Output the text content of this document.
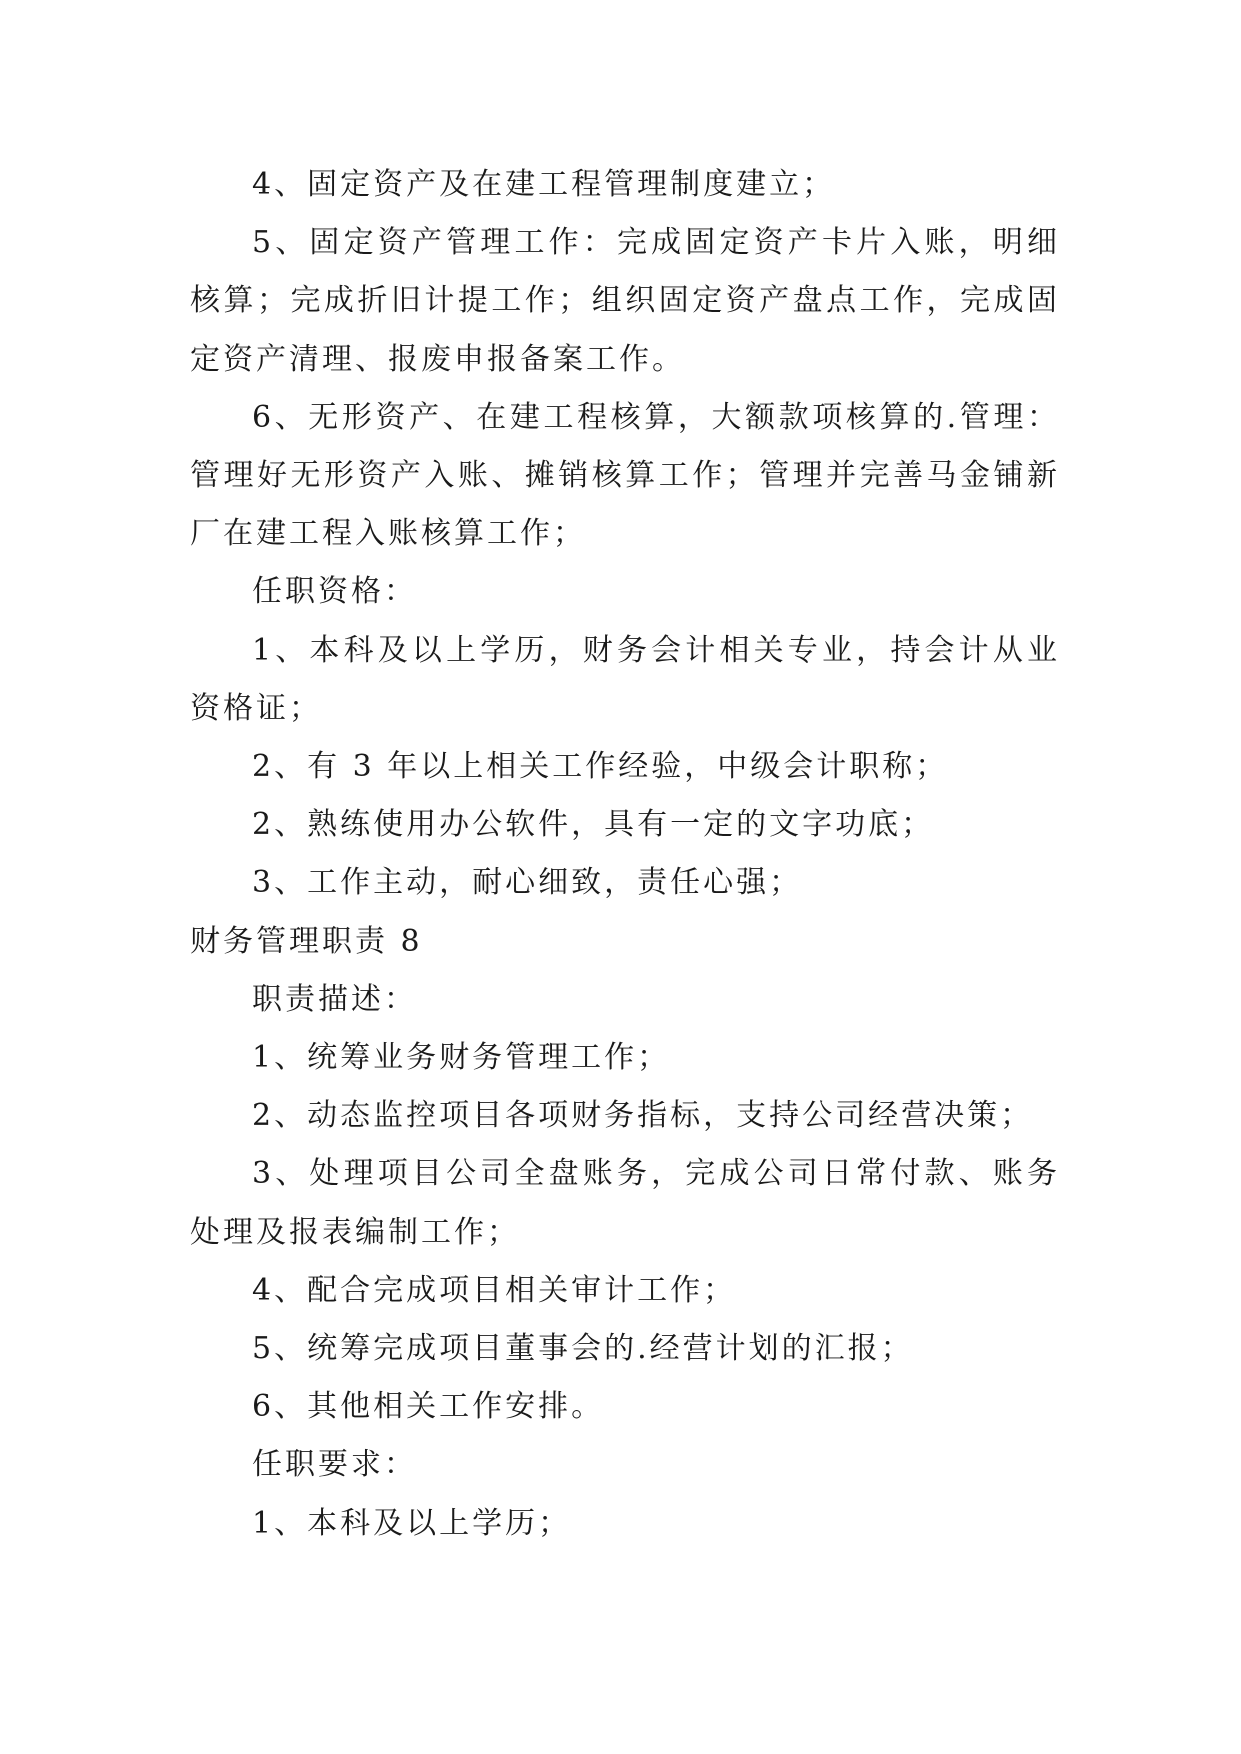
4、固定资产及在建工程管理制度建立；

5、固定资产管理工作：完成固定资产卡片入账，明细核算；完成折旧计提工作；组织固定资产盘点工作，完成固定资产清理、报废申报备案工作。

6、无形资产、在建工程核算，大额款项核算的.管理：管理好无形资产入账、摊销核算工作；管理并完善马金铺新厂在建工程入账核算工作；

任职资格：

1、本科及以上学历，财务会计相关专业，持会计从业资格证；

2、有 3 年以上相关工作经验，中级会计职称；

2、熟练使用办公软件，具有一定的文字功底；

3、工作主动，耐心细致，责任心强；

财务管理职责 8

职责描述：

1、统筹业务财务管理工作；

2、动态监控项目各项财务指标，支持公司经营决策；

3、处理项目公司全盘账务，完成公司日常付款、账务处理及报表编制工作；

4、配合完成项目相关审计工作；

5、统筹完成项目董事会的.经营计划的汇报；

6、其他相关工作安排。

任职要求：

1、本科及以上学历；
